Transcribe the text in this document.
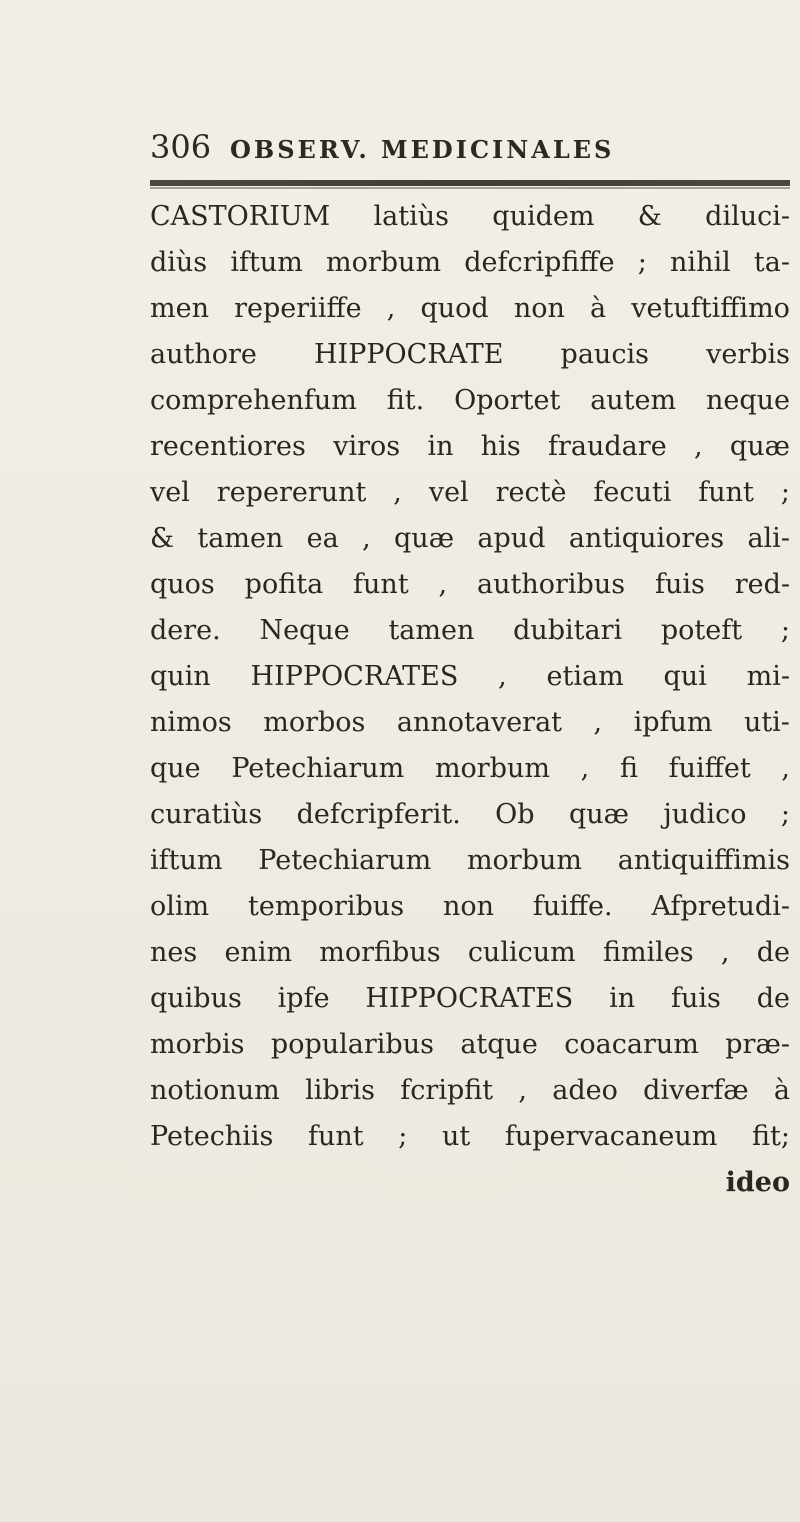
306 OBSERV. MEDICINALES
CASTORIUM latiùs quidem & diluci-
diùs iftum morbum defcripfiffe ; nihil ta-
men reperiiffe , quod non à vetuftiffimo
authore HIPPOCRATE paucis verbis
comprehenfum fit. Oportet autem neque
recentiores viros in his fraudare , quæ
vel repererunt , vel rectè fecuti funt ;
& tamen ea , quæ apud antiquiores ali-
quos pofita funt , authoribus fuis red-
dere. Neque tamen dubitari poteft ;
quin HIPPOCRATES , etiam qui mi-
nimos morbos annotaverat , ipfum uti-
que Petechiarum morbum , fi fuiffet ,
curatiùs defcripferit. Ob quæ judico ;
iftum Petechiarum morbum antiquiffimis
olim temporibus non fuiffe. Afpretudi-
nes enim morfibus culicum fimiles , de
quibus ipfe HIPPOCRATES in fuis de
morbis popularibus atque coacarum præ-
notionum libris fcripfit , adeo diverfæ à
Petechiis funt ; ut fupervacaneum fit;
ideo
